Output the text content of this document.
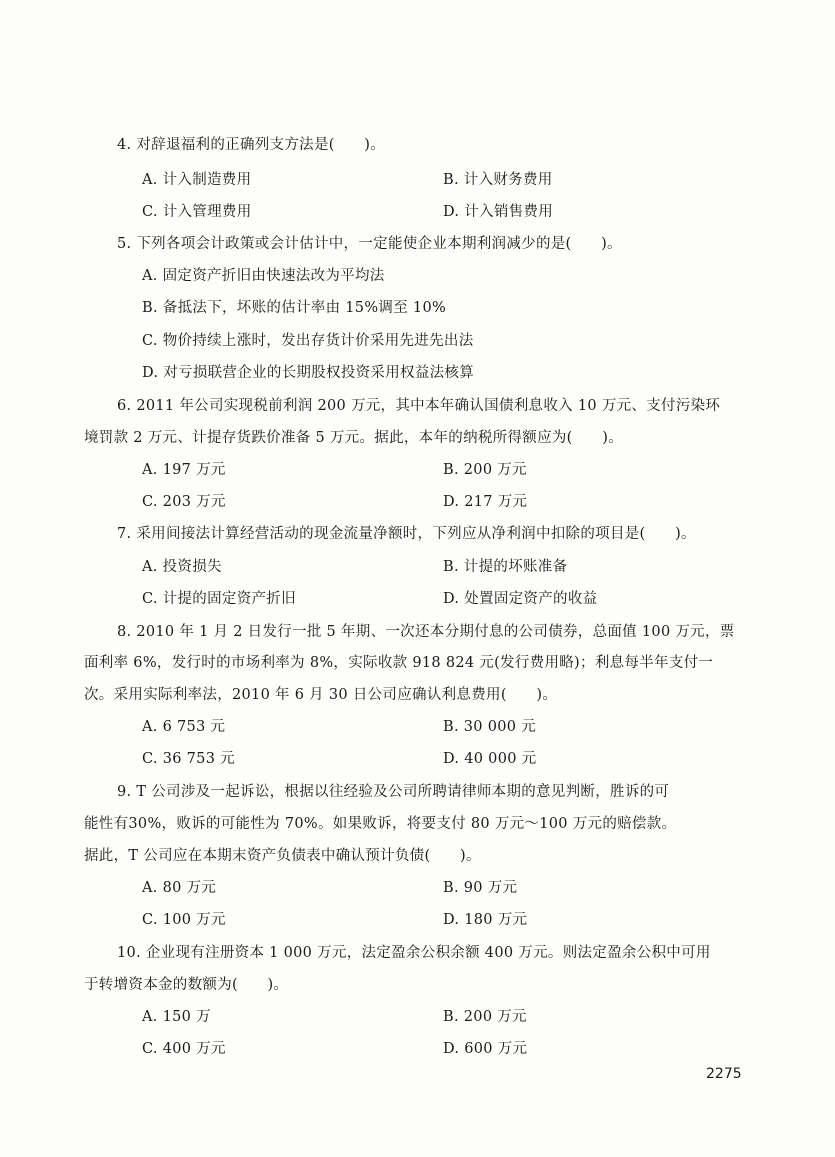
4. 对辞退福利的正确列支方法是(　　)。
A. 计入制造费用	B. 计入财务费用
C. 计入管理费用	D. 计入销售费用
5. 下列各项会计政策或会计估计中，一定能使企业本期利润减少的是(　　)。
A. 固定资产折旧由快速法改为平均法
B. 备抵法下，坏账的估计率由 15%调至 10%
C. 物价持续上涨时，发出存货计价采用先进先出法
D. 对亏损联营企业的长期股权投资采用权益法核算
6. 2011 年公司实现税前利润 200 万元，其中本年确认国债利息收入 10 万元、支付污染环
境罚款 2 万元、计提存货跌价准备 5 万元。据此，本年的纳税所得额应为(　　)。
A. 197 万元	B. 200 万元
C. 203 万元	D. 217 万元
7. 采用间接法计算经营活动的现金流量净额时，下列应从净利润中扣除的项目是(　　)。
A. 投资损失	B. 计提的坏账准备
C. 计提的固定资产折旧	D. 处置固定资产的收益
8. 2010 年 1 月 2 日发行一批 5 年期、一次还本分期付息的公司债券，总面值 100 万元，票
面利率 6%，发行时的市场利率为 8%，实际收款 918 824 元(发行费用略)；利息每半年支付一
次。采用实际利率法，2010 年 6 月 30 日公司应确认利息费用(　　)。
A. 6 753 元	B. 30 000 元
C. 36 753 元	D. 40 000 元
9. T 公司涉及一起诉讼，根据以往经验及公司所聘请律师本期的意见判断，胜诉的可
能性有30%，败诉的可能性为 70%。如果败诉，将要支付 80 万元～100 万元的赔偿款。
据此，T 公司应在本期末资产负债表中确认预计负债(　　)。
A. 80 万元	B. 90 万元
C. 100 万元	D. 180 万元
10. 企业现有注册资本 1 000 万元，法定盈余公积余额 400 万元。则法定盈余公积中可用
于转增资本金的数额为(　　)。
A. 150 万	B. 200 万元
C. 400 万元	D. 600 万元
2275
